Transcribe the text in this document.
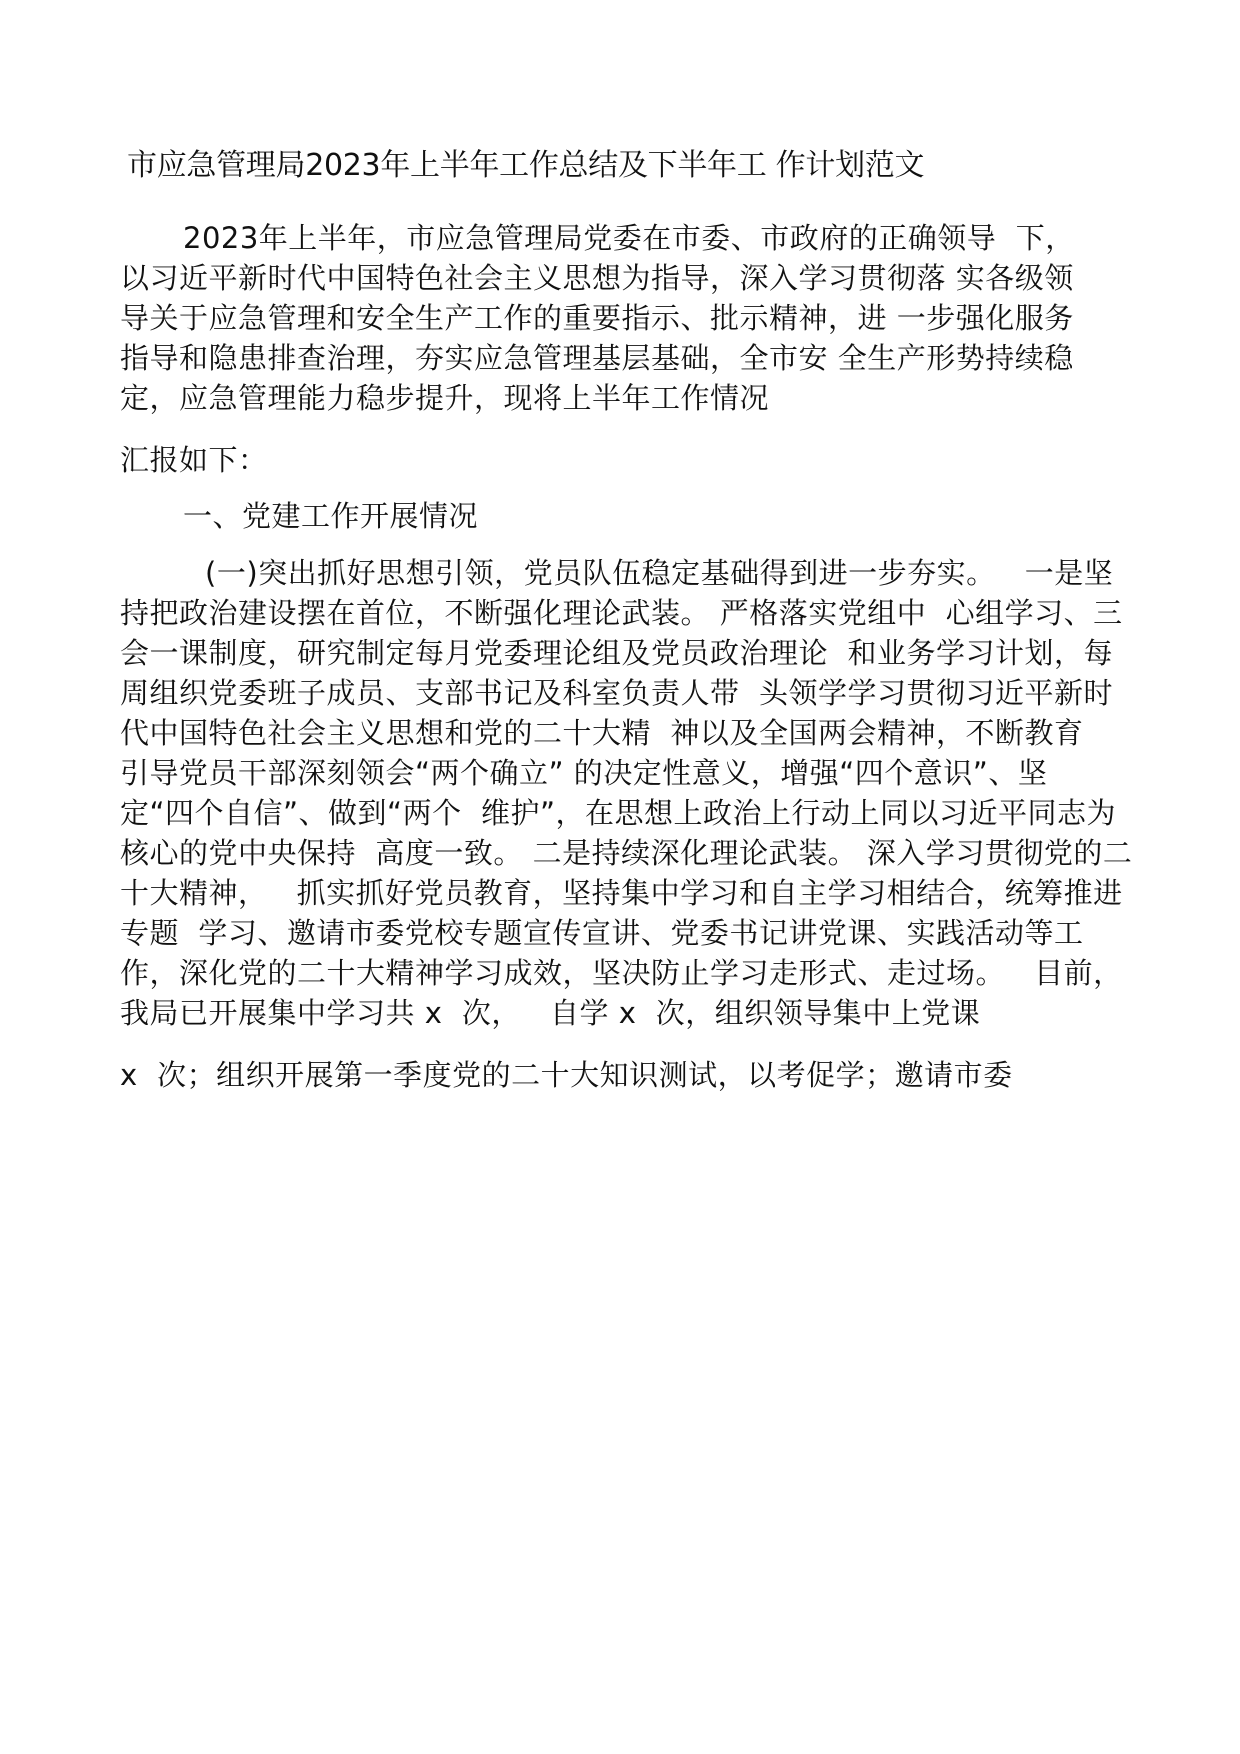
市应急管理局2023年上半年工作总结及下半年工 作计划范文
2023年上半年，市应急管理局党委在市委、市政府的正确领导  下，
以习近平新时代中国特色社会主义思想为指导，深入学习贯彻落 实各级领
导关于应急管理和安全生产工作的重要指示、批示精神，进 一步强化服务
指导和隐患排查治理，夯实应急管理基层基础，全市安 全生产形势持续稳
定，应急管理能力稳步提升，现将上半年工作情况
汇报如下：
一、党建工作开展情况
(一)突出抓好思想引领，党员队伍稳定基础得到进一步夯实。   一是坚
持把政治建设摆在首位，不断强化理论武装。 严格落实党组中  心组学习、三
会一课制度，研究制定每月党委理论组及党员政治理论  和业务学习计划，每
周组织党委班子成员、支部书记及科室负责人带  头领学学习贯彻习近平新时
代中国特色社会主义思想和党的二十大精  神以及全国两会精神，不断教育
引导党员干部深刻领会“两个确立” 的决定性意义，增强“四个意识”、坚
定“四个自信”、做到“两个  维护”，在思想上政治上行动上同以习近平同志为
核心的党中央保持  高度一致。 二是持续深化理论武装。 深入学习贯彻党的二
十大精神，   抓实抓好党员教育，坚持集中学习和自主学习相结合，统筹推进
专题  学习、邀请市委党校专题宣传宣讲、党委书记讲党课、实践活动等工
作，深化党的二十大精神学习成效，坚决防止学习走形式、走过场。   目前，
我局已开展集中学习共 x  次，   自学 x  次，组织领导集中上党课
x  次；组织开展第一季度党的二十大知识测试，以考促学；邀请市委
